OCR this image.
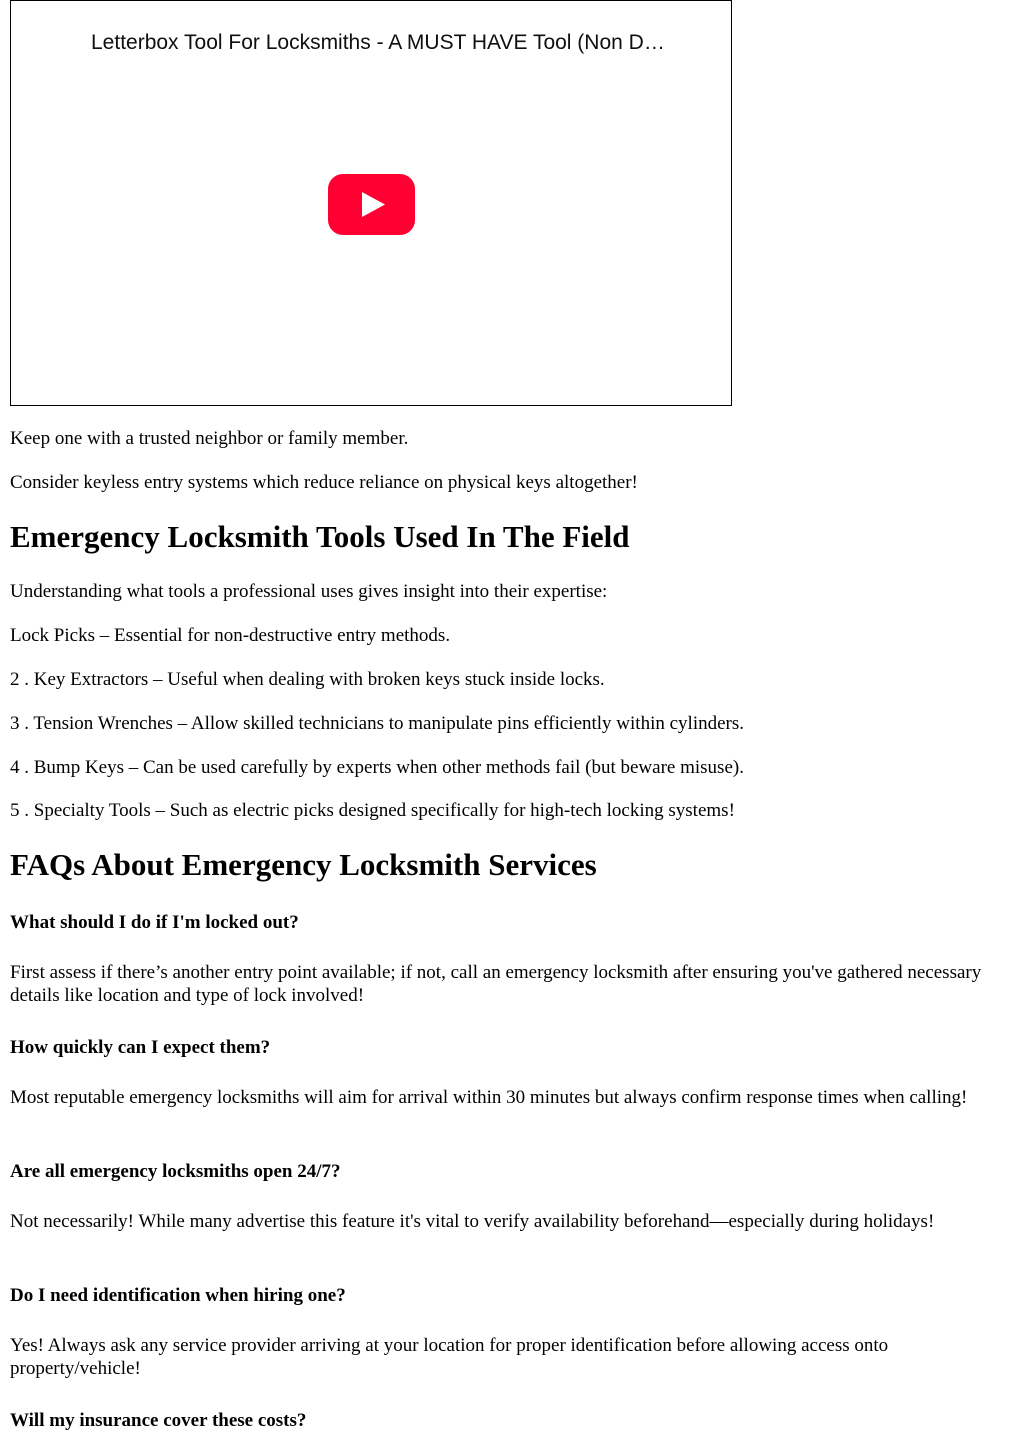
Letterbox Tool For Locksmiths - A MUST HAVE Tool (Non D…

Keep one with a trusted neighbor or family member.

Consider keyless entry systems which reduce reliance on physical keys altogether!

Emergency Locksmith Tools Used In The Field

Understanding what tools a professional uses gives insight into their expertise:

Lock Picks – Essential for non-destructive entry methods.

2 . Key Extractors – Useful when dealing with broken keys stuck inside locks.

3 . Tension Wrenches – Allow skilled technicians to manipulate pins efficiently within cylinders.

4 . Bump Keys – Can be used carefully by experts when other methods fail (but beware misuse).

5 . Specialty Tools – Such as electric picks designed specifically for high-tech locking systems!

FAQs About Emergency Locksmith Services
What should I do if I'm locked out?

First assess if there’s another entry point available; if not, call an emergency locksmith after ensuring you've gathered necessary details like location and type of lock involved!

How quickly can I expect them?

Most reputable emergency locksmiths will aim for arrival within 30 minutes but always confirm response times when calling!

Are all emergency locksmiths open 24/7?

Not necessarily! While many advertise this feature it's vital to verify availability beforehand—especially during holidays!

Do I need identification when hiring one?

Yes! Always ask any service provider arriving at your location for proper identification before allowing access onto property/vehicle!

Will my insurance cover these costs?
